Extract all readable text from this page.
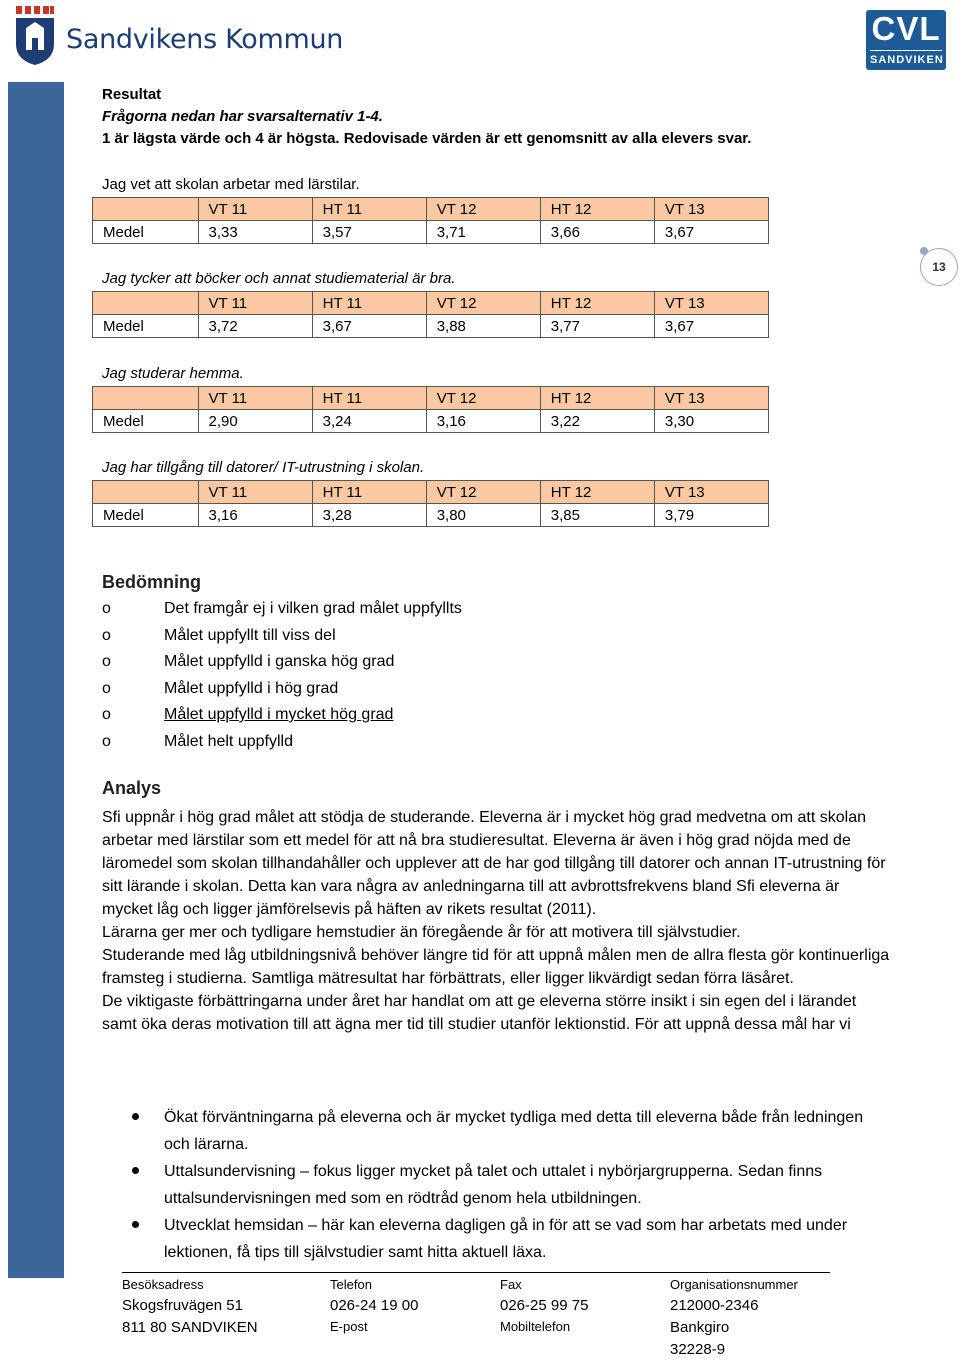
Sandvikens Kommun	CVL
SANDVIKEN
13
Resultat
Frågorna nedan har svarsalternativ 1-4.
1 är lägsta värde och 4 är högsta. Redovisade värden är ett genomsnitt av alla elevers svar.
Jag vet att skolan arbetar med lärstilar.
	VT 11	HT 11	VT 12	HT 12	VT 13
Medel	3,33	3,57	3,71	3,66	3,67
Jag tycker att böcker och annat studiematerial är bra.
	VT 11	HT 11	VT 12	HT 12	VT 13
Medel	3,72	3,67	3,88	3,77	3,67
Jag studerar hemma.
	VT 11	HT 11	VT 12	HT 12	VT 13
Medel	2,90	3,24	3,16	3,22	3,30
Jag har tillgång till datorer/ IT-utrustning i skolan.
	VT 11	HT 11	VT 12	HT 12	VT 13
Medel	3,16	3,28	3,80	3,85	3,79
Bedömning
o	Det framgår ej i vilken grad målet uppfyllts
o	Målet uppfyllt till viss del
o	Målet uppfylld i ganska hög grad
o	Målet uppfylld i hög grad
o	Målet uppfylld i mycket hög grad
o	Målet helt uppfylld
Analys

Sfi uppnår i hög grad målet att stödja de studerande. Eleverna är i mycket hög grad medvetna om att skolan arbetar med lärstilar som ett medel för att nå bra studieresultat. Eleverna är även i hög grad nöjda med de läromedel som skolan tillhandahåller och upplever att de har god tillgång till datorer och annan IT-utrustning för sitt lärande i skolan. Detta kan vara några av anledningarna till att avbrottsfrekvens bland Sfi eleverna är mycket låg och ligger jämförelsevis på häften av rikets resultat (2011).

Lärarna ger mer och tydligare hemstudier än föregående år för att motivera till självstudier.

Studerande med låg utbildningsnivå behöver längre tid för att uppnå målen men de allra flesta gör kontinuerliga framsteg i studierna. Samtliga mätresultat har förbättrats, eller ligger likvärdigt sedan förra läsåret.

De viktigaste förbättringarna under året har handlat om att ge eleverna större insikt i sin egen del i lärandet samt öka deras motivation till att ägna mer tid till studier utanför lektionstid. För att uppnå dessa mål har vi

Ökat förväntningarna på eleverna och är mycket tydliga med detta till eleverna både från ledningen och lärarna.
Uttalsundervisning – fokus ligger mycket på talet och uttalet i nybörjargrupperna. Sedan finns uttalsundervisningen med som en rödtråd genom hela utbildningen.
Utvecklat hemsidan – här kan eleverna dagligen gå in för att se vad som har arbetats med under lektionen, få tips till självstudier samt hitta aktuell läxa.
Besöksadress
Skogsfruvägen 51
811 80 SANDVIKEN
Telefon
026-24 19 00
E-post
Fax
026-25 99 75
Mobiltelefon
Organisationsnummer
212000-2346
Bankgiro
32228-9
